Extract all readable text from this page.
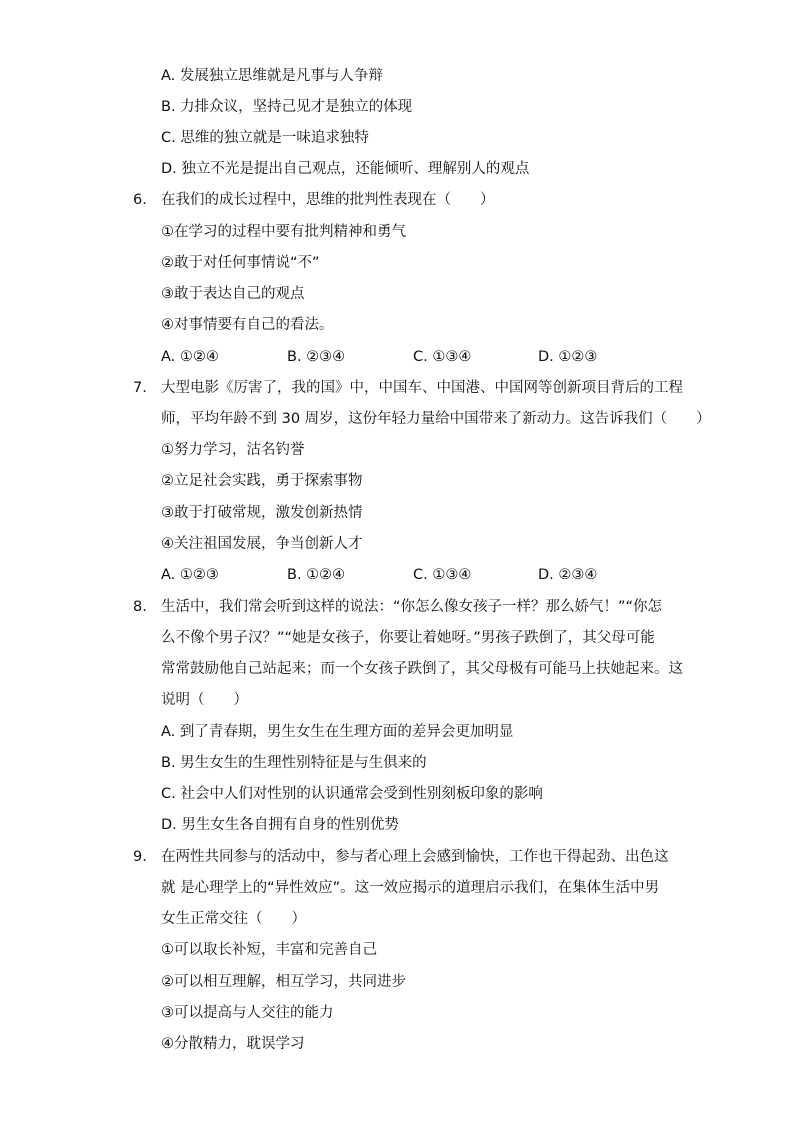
A. 发展独立思维就是凡事与人争辩
B. 力排众议，坚持己见才是独立的体现
C. 思维的独立就是一味追求独特
D. 独立不光是提出自己观点，还能倾听、理解别人的观点
6. 在我们的成长过程中，思维的批判性表现在（　　）
①在学习的过程中要有批判精神和勇气
②敢于对任何事情说“不”
③敢于表达自己的观点
④对事情要有自己的看法。
A. ①②④	B. ②③④	C. ①③④	D. ①②③
7. 大型电影《厉害了，我的国》中，中国车、中国港、中国网等创新项目背后的工程
师，平均年龄不到 30 周岁，这份年轻力量给中国带来了新动力。这告诉我们（　　）
①努力学习，沽名钓誉
②立足社会实践，勇于探索事物
③敢于打破常规，激发创新热情
④关注祖国发展，争当创新人才
A. ①②③	B. ①②④	C. ①③④	D. ②③④
8. 生活中，我们常会听到这样的说法：“你怎么像女孩子一样？那么娇气！”“你怎
么不像个男子汉？”“她是女孩子，你要让着她呀。”男孩子跌倒了，其父母可能
常常鼓励他自己站起来；而一个女孩子跌倒了，其父母极有可能马上扶她起来。这
说明（　　）
A. 到了青春期，男生女生在生理方面的差异会更加明显
B. 男生女生的生理性别特征是与生俱来的
C. 社会中人们对性别的认识通常会受到性别刻板印象的影响
D. 男生女生各自拥有自身的性别优势
9. 在两性共同参与的活动中，参与者心理上会感到愉快，工作也干得起劲、出色这
就 是心理学上的“异性效应”。这一效应揭示的道理启示我们，在集体生活中男
女生正常交往（　　）
①可以取长补短，丰富和完善自己
②可以相互理解，相互学习，共同进步
③可以提高与人交往的能力
④分散精力，耽误学习
